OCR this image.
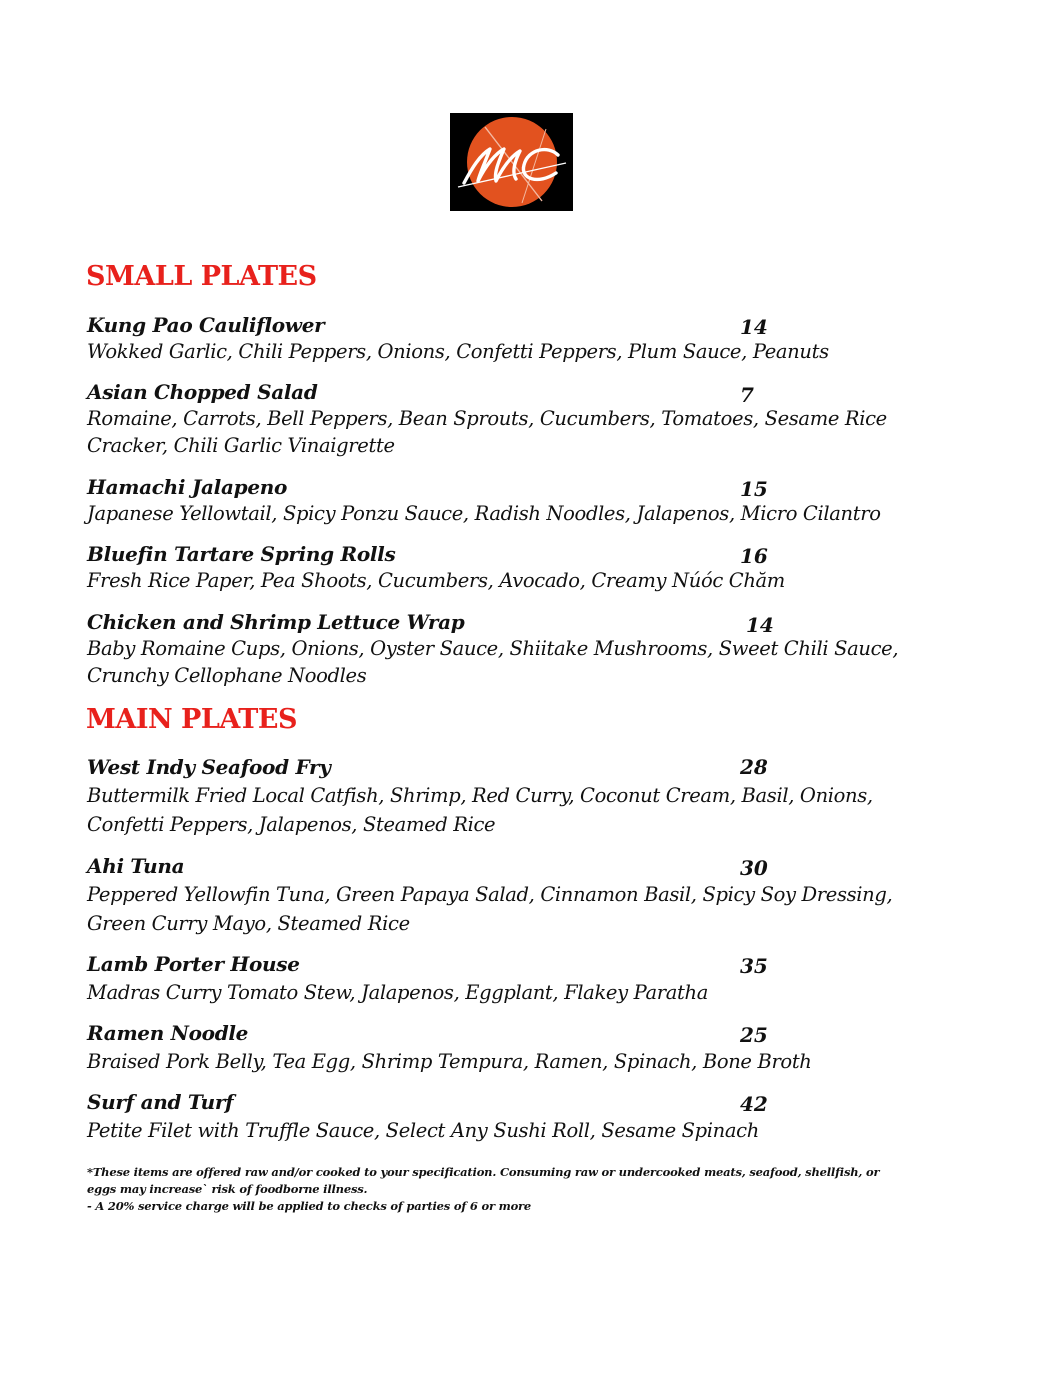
SMALL PLATES
Kung Pao Cauliflower	14
Wokked Garlic, Chili Peppers, Onions, Confetti Peppers, Plum Sauce, Peanuts
Asian Chopped Salad	7
Romaine, Carrots, Bell Peppers, Bean Sprouts, Cucumbers, Tomatoes, Sesame Rice
Cracker, Chili Garlic Vinaigrette
Hamachi Jalapeno	15
Japanese Yellowtail, Spicy Ponzu Sauce, Radish Noodles, Jalapenos, Micro Cilantro
Bluefin Tartare Spring Rolls	16
Fresh Rice Paper, Pea Shoots, Cucumbers, Avocado, Creamy Núóc Chăm
Chicken and Shrimp Lettuce Wrap	14
Baby Romaine Cups, Onions, Oyster Sauce, Shiitake Mushrooms, Sweet Chili Sauce,
Crunchy Cellophane Noodles
MAIN PLATES
West Indy Seafood Fry	28
Buttermilk Fried Local Catfish, Shrimp, Red Curry, Coconut Cream, Basil, Onions,
Confetti Peppers, Jalapenos, Steamed Rice
Ahi Tuna	30
Peppered Yellowfin Tuna, Green Papaya Salad, Cinnamon Basil, Spicy Soy Dressing,
Green Curry Mayo, Steamed Rice
Lamb Porter House	35
Madras Curry Tomato Stew, Jalapenos, Eggplant, Flakey Paratha
Ramen Noodle	25
Braised Pork Belly, Tea Egg, Shrimp Tempura, Ramen, Spinach, Bone Broth
Surf and Turf	42
Petite Filet with Truffle Sauce, Select Any Sushi Roll, Sesame Spinach
*These items are offered raw and/or cooked to your specification. Consuming raw or undercooked meats, seafood, shellfish, or
eggs may increase` risk of foodborne illness.
- A 20% service charge will be applied to checks of parties of 6 or more
